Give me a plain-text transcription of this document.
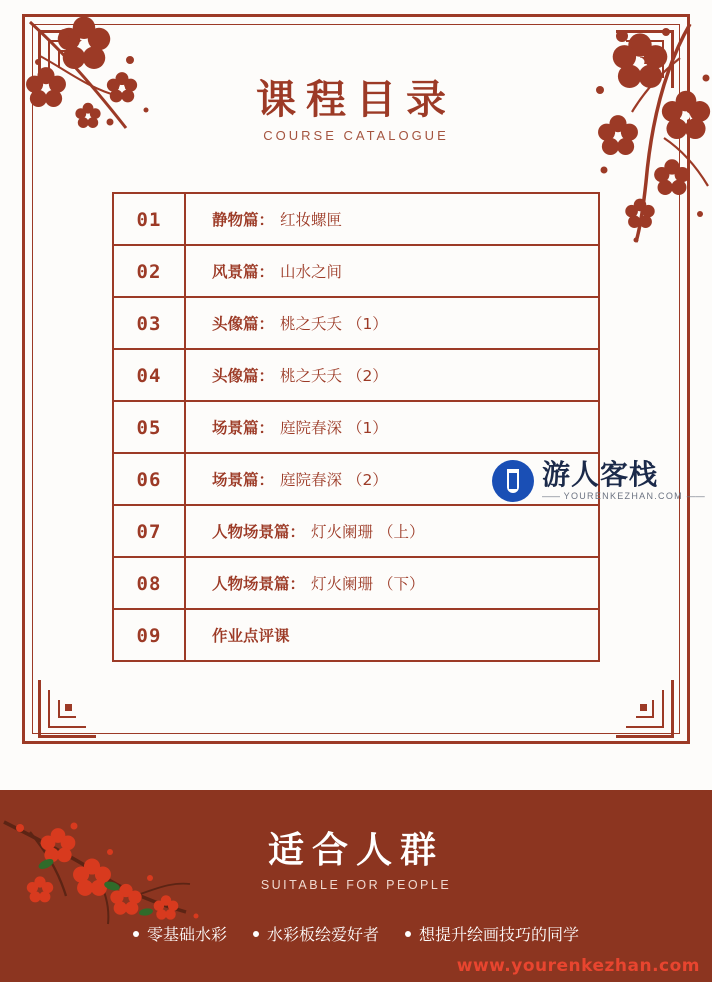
课程目录
COURSE CATALOGUE
01	静物篇： 红妆螺匣
02	风景篇： 山水之间
03	头像篇： 桃之夭夭 （1）
04	头像篇： 桃之夭夭 （2）
05	场景篇： 庭院春深 （1）
06	场景篇： 庭院春深 （2）
07	人物场景篇： 灯火阑珊 （上）
08	人物场景篇： 灯火阑珊 （下）
09	作业点评课
游人客栈
—— YOURENKEZHAN.COM ——
适合人群
SUITABLE FOR PEOPLE
零基础水彩	水彩板绘爱好者	想提升绘画技巧的同学
www.yourenkezhan.com
